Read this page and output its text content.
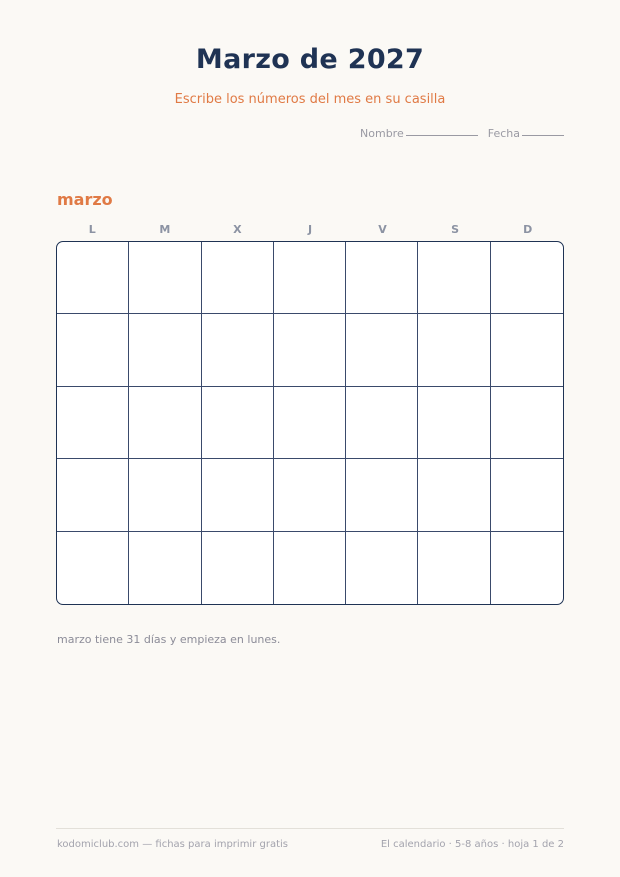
Marzo de 2027
Escribe los números del mes en su casilla
Nombre	Fecha
marzo
L	M	X	J	V	S	D
marzo tiene 31 días y empieza en lunes.
kodomiclub.com — fichas para imprimir gratis	El calendario · 5-8 años · hoja 1 de 2
